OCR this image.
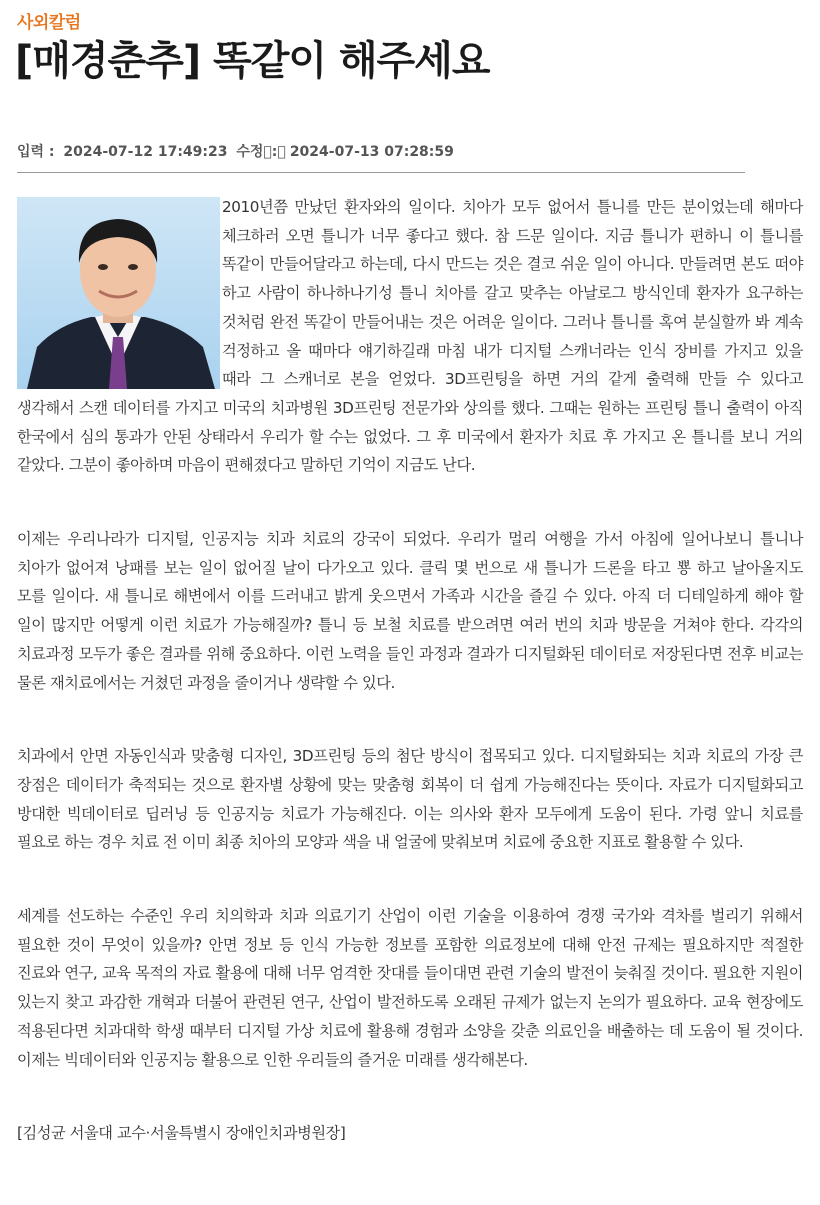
사외칼럼
[매경춘추] 똑같이 해주세요
입력 : 2024-07-12 17:49:23 수정 :  2024-07-13 07:28:59

2010년쯤 만났던 환자와의 일이다. 치아가 모두 없어서 틀니를 만든 분이었는데 해마다 체크하러 오면 틀니가 너무 좋다고 했다. 참 드문 일이다. 지금 틀니가 편하니 이 틀니를 똑같이 만들어달라고 하는데, 다시 만드는 것은 결코 쉬운 일이 아니다. 만들려면 본도 떠야 하고 사람이 하나하나기성 틀니 치아를 갈고 맞추는 아날로그 방식인데 환자가 요구하는 것처럼 완전 똑같이 만들어내는 것은 어려운 일이다. 그러나 틀니를 혹여 분실할까 봐 계속 걱정하고 올 때마다 얘기하길래 마침 내가 디지털 스캐너라는 인식 장비를 가지고 있을 때라 그 스캐너로 본을 얻었다. 3D프린팅을 하면 거의 같게 출력해 만들 수 있다고 생각해서 스캔 데이터를 가지고 미국의 치과병원 3D프린팅 전문가와 상의를 했다. 그때는 원하는 프린팅 틀니 출력이 아직 한국에서 심의 통과가 안된 상태라서 우리가 할 수는 없었다. 그 후 미국에서 환자가 치료 후 가지고 온 틀니를 보니 거의 같았다. 그분이 좋아하며 마음이 편해졌다고 말하던 기억이 지금도 난다.

이제는 우리나라가 디지털, 인공지능 치과 치료의 강국이 되었다. 우리가 멀리 여행을 가서 아침에 일어나보니 틀니나 치아가 없어져 낭패를 보는 일이 없어질 날이 다가오고 있다. 클릭 몇 번으로 새 틀니가 드론을 타고 뿅 하고 날아올지도 모를 일이다. 새 틀니로 해변에서 이를 드러내고 밝게 웃으면서 가족과 시간을 즐길 수 있다. 아직 더 디테일하게 해야 할 일이 많지만 어떻게 이런 치료가 가능해질까? 틀니 등 보철 치료를 받으려면 여러 번의 치과 방문을 거쳐야 한다. 각각의 치료과정 모두가 좋은 결과를 위해 중요하다. 이런 노력을 들인 과정과 결과가 디지털화된 데이터로 저장된다면 전후 비교는 물론 재치료에서는 거쳤던 과정을 줄이거나 생략할 수 있다.

치과에서 안면 자동인식과 맞춤형 디자인, 3D프린팅 등의 첨단 방식이 접목되고 있다. 디지털화되는 치과 치료의 가장 큰 장점은 데이터가 축적되는 것으로 환자별 상황에 맞는 맞춤형 회복이 더 쉽게 가능해진다는 뜻이다. 자료가 디지털화되고 방대한 빅데이터로 딥러닝 등 인공지능 치료가 가능해진다. 이는 의사와 환자 모두에게 도움이 된다. 가령 앞니 치료를 필요로 하는 경우 치료 전 이미 최종 치아의 모양과 색을 내 얼굴에 맞춰보며 치료에 중요한 지표로 활용할 수 있다.

세계를 선도하는 수준인 우리 치의학과 치과 의료기기 산업이 이런 기술을 이용하여 경쟁 국가와 격차를 벌리기 위해서 필요한 것이 무엇이 있을까? 안면 정보 등 인식 가능한 정보를 포함한 의료정보에 대해 안전 규제는 필요하지만 적절한 진료와 연구, 교육 목적의 자료 활용에 대해 너무 엄격한 잣대를 들이대면 관련 기술의 발전이 늦춰질 것이다. 필요한 지원이 있는지 찾고 과감한 개혁과 더불어 관련된 연구, 산업이 발전하도록 오래된 규제가 없는지 논의가 필요하다. 교육 현장에도 적용된다면 치과대학 학생 때부터 디지털 가상 치료에 활용해 경험과 소양을 갖춘 의료인을 배출하는 데 도움이 될 것이다. 이제는 빅데이터와 인공지능 활용으로 인한 우리들의 즐거운 미래를 생각해본다.

[김성균 서울대 교수·서울특별시 장애인치과병원장]
